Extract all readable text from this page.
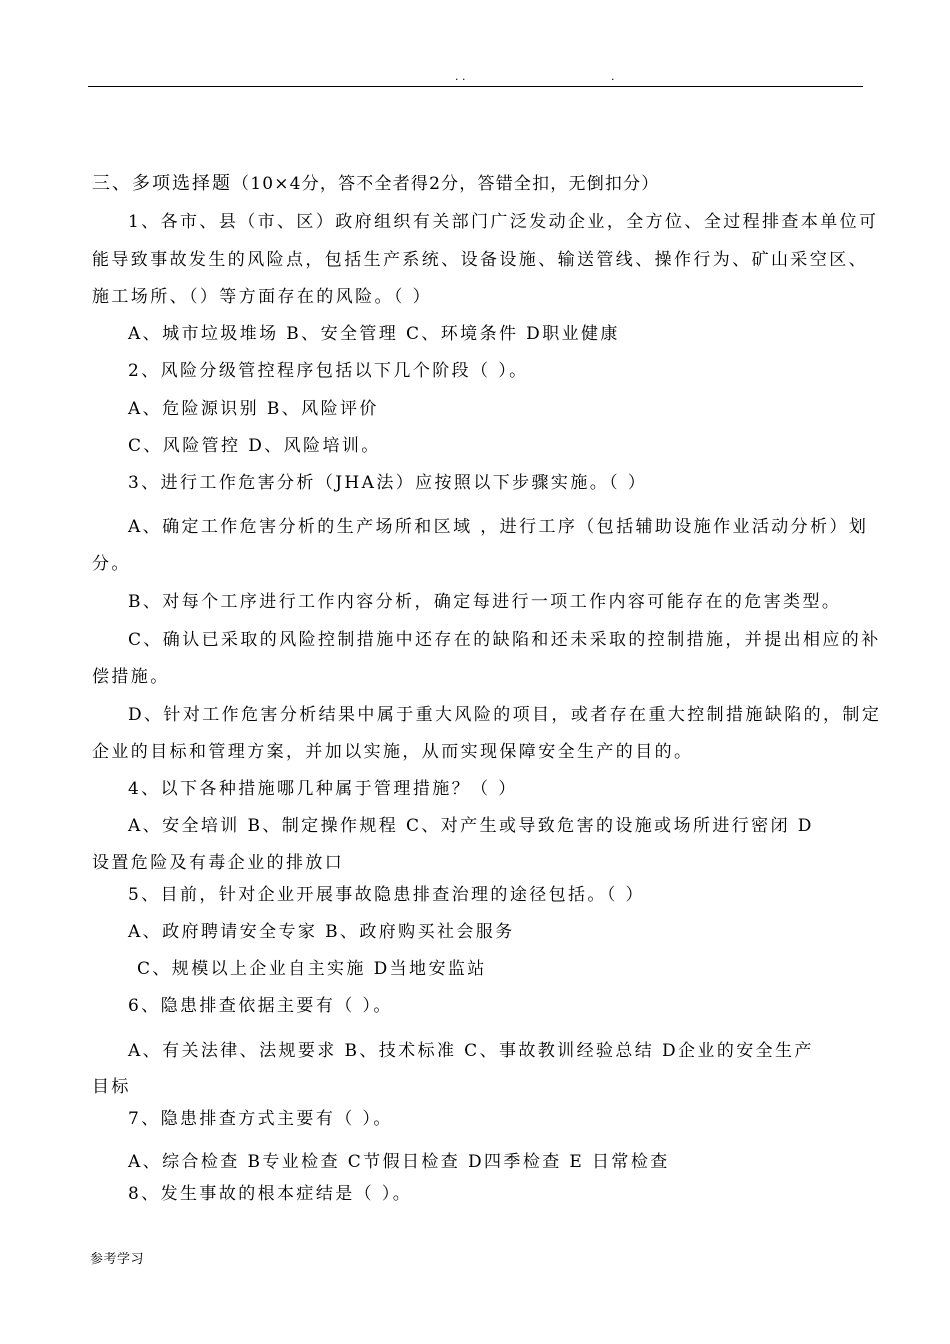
. .	.
三、多项选择题（10×4分，答不全者得2分，答错全扣，无倒扣分）
1、各市、县（市、区）政府组织有关部门广泛发动企业，全方位、全过程排查本单位可
能导致事故发生的风险点，包括生产系统、设备设施、输送管线、操作行为、矿山采空区、
施工场所、（）等方面存在的风险。（ ）
A、城市垃圾堆场 B、安全管理 C、环境条件 D职业健康
2、风险分级管控程序包括以下几个阶段（ ）。
A、危险源识别 B、风险评价
C、风险管控 D、风险培训。
3、进行工作危害分析（JHA法）应按照以下步骤实施。（ ）
A、确定工作危害分析的生产场所和区域 ，进行工序（包括辅助设施作业活动分析）划
分。
B、对每个工序进行工作内容分析，确定每进行一项工作内容可能存在的危害类型。
C、确认已采取的风险控制措施中还存在的缺陷和还未采取的控制措施，并提出相应的补
偿措施。
D、针对工作危害分析结果中属于重大风险的项目，或者存在重大控制措施缺陷的，制定
企业的目标和管理方案，并加以实施，从而实现保障安全生产的目的。
4、以下各种措施哪几种属于管理措施？（ ）
A、安全培训 B、制定操作规程 C、对产生或导致危害的设施或场所进行密闭 D
设置危险及有毒企业的排放口
5、目前，针对企业开展事故隐患排查治理的途径包括。（ ）
A、政府聘请安全专家 B、政府购买社会服务
C、规模以上企业自主实施 D当地安监站
6、隐患排查依据主要有（ ）。
A、有关法律、法规要求 B、技术标准 C、事故教训经验总结 D企业的安全生产
目标
7、隐患排查方式主要有（ ）。
A、综合检查 B专业检查 C节假日检查 D四季检查 E 日常检查
8、发生事故的根本症结是（ ）。
参考学习
